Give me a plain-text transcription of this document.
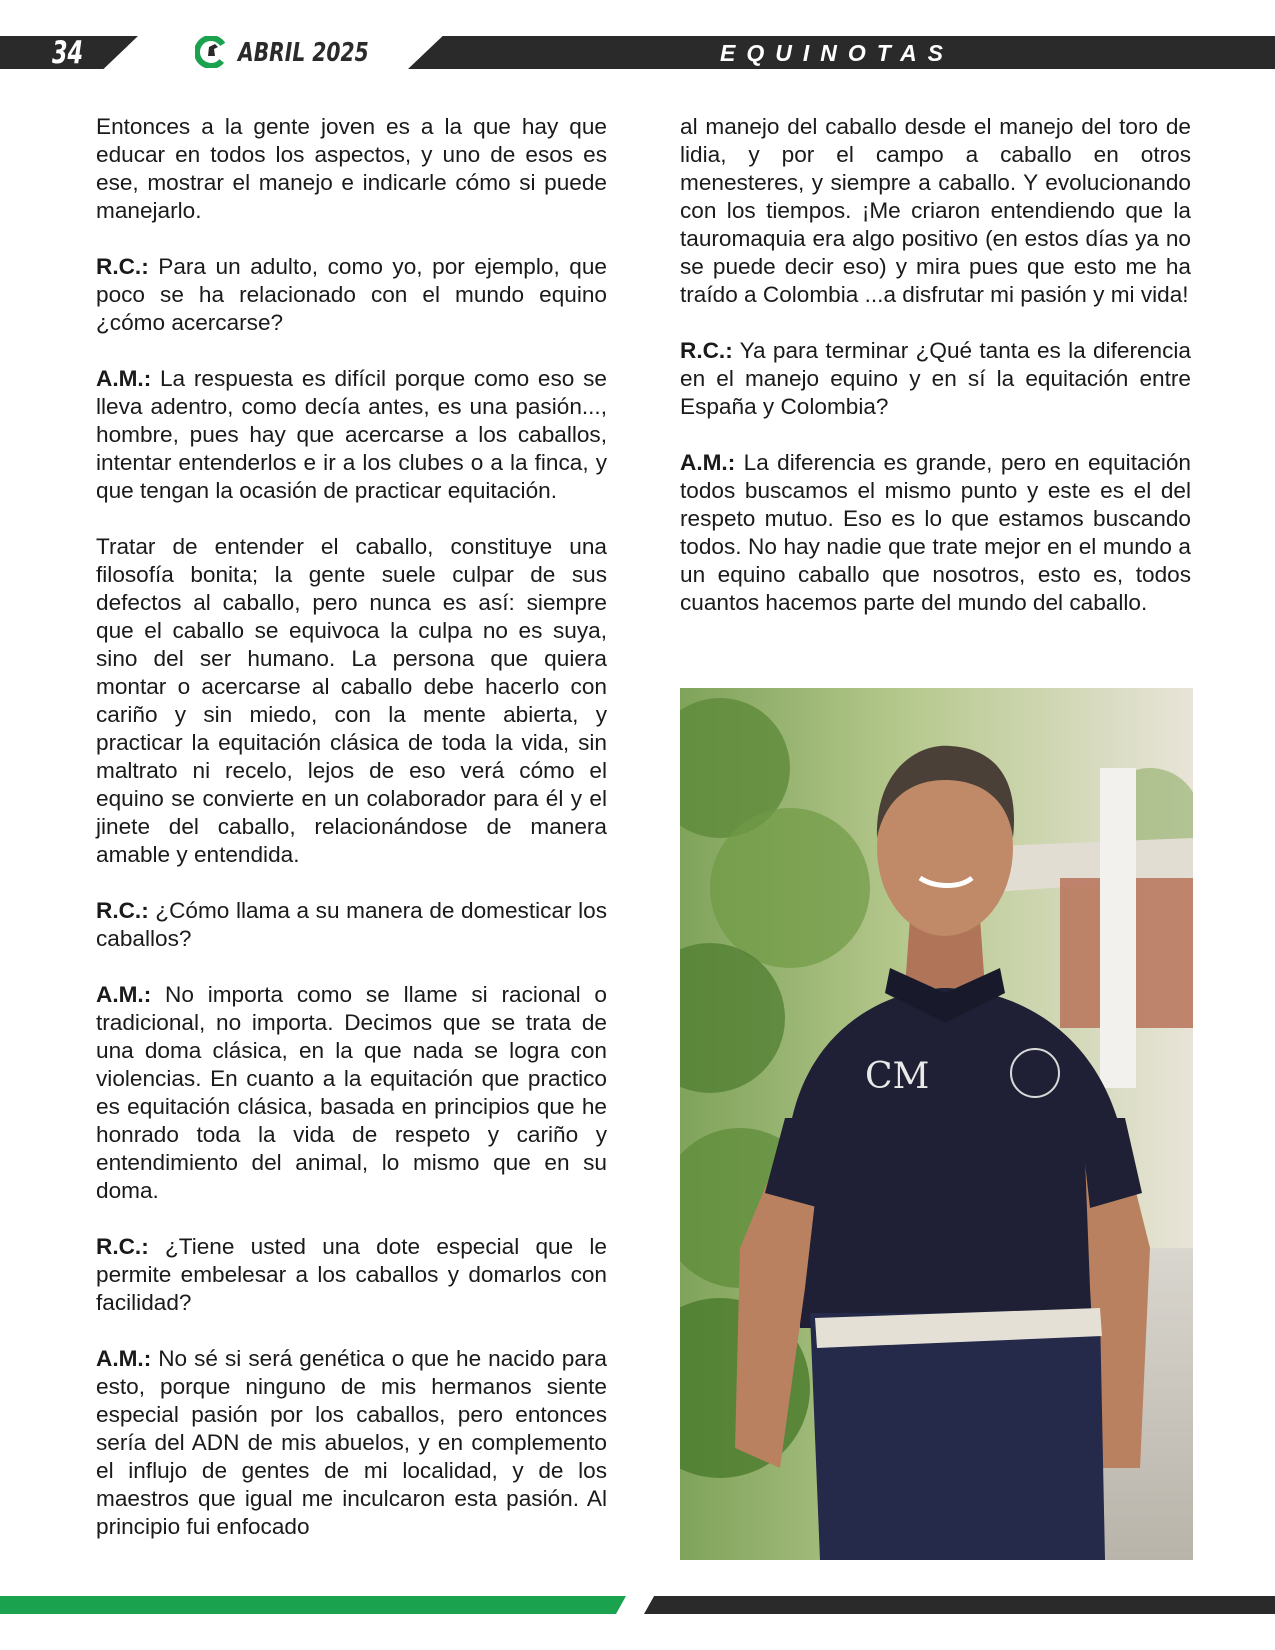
34	ABRIL 2025	EQUINOTAS

Entonces a la gente joven es a la que hay que educar en todos los aspectos, y uno de esos es ese, mostrar el manejo e indicarle cómo si puede manejarlo.

R.C.: Para un adulto, como yo, por ejemplo, que poco se ha relacionado con el mundo equino ¿cómo acercarse?

A.M.: La respuesta es difícil porque como eso se lleva adentro, como decía antes, es una pasión..., hombre, pues hay que acercarse a los caballos, intentar entenderlos e ir a los clubes o a la finca, y que tengan la ocasión de practicar equitación.

Tratar de entender el caballo, constituye una filosofía bonita; la gente suele culpar de sus defectos al caballo, pero nunca es así: siempre que el caballo se equivoca la culpa no es suya, sino del ser humano. La persona que quiera montar o acercarse al caballo debe hacerlo con cariño y sin miedo, con la mente abierta, y practicar la equitación clásica de toda la vida, sin maltrato ni recelo, lejos de eso verá cómo el equino se convierte en un colaborador para él y el jinete del caballo, relacionándose de manera amable y entendida.

R.C.: ¿Cómo llama a su manera de domesticar los caballos?

A.M.: No importa como se llame si racional o tradicional, no importa. Decimos que se trata de una doma clásica, en la que nada se logra con violencias. En cuanto a la equitación que practico es equitación clásica, basada en principios que he honrado toda la vida de respeto y cariño y entendimiento del animal, lo mismo que en su doma.

R.C.: ¿Tiene usted una dote especial que le permite embelesar a los caballos y domarlos con facilidad?

A.M.: No sé si será genética o que he nacido para esto, porque ninguno de mis hermanos siente especial pasión por los caballos, pero entonces sería del ADN de mis abuelos, y en complemento el influjo de gentes de mi localidad, y de los maestros que igual me inculcaron esta pasión. Al principio fui enfocado

al manejo del caballo desde el manejo del toro de lidia, y por el campo a caballo en otros menesteres, y siempre a caballo. Y evolucionando con los tiempos. ¡Me criaron entendiendo que la tauromaquia era algo positivo (en estos días ya no se puede decir eso) y mira pues que esto me ha traído a Colombia ...a disfrutar mi pasión y mi vida!

R.C.: Ya para terminar ¿Qué tanta es la diferencia en el manejo equino y en sí la equitación entre España y Colombia?

A.M.: La diferencia es grande, pero en equitación todos buscamos el mismo punto y este es el del respeto mutuo. Eso es lo que estamos buscando todos. No hay nadie que trate mejor en el mundo a un equino caballo que nosotros, esto es, todos cuantos hacemos parte del mundo del caballo.

CM
